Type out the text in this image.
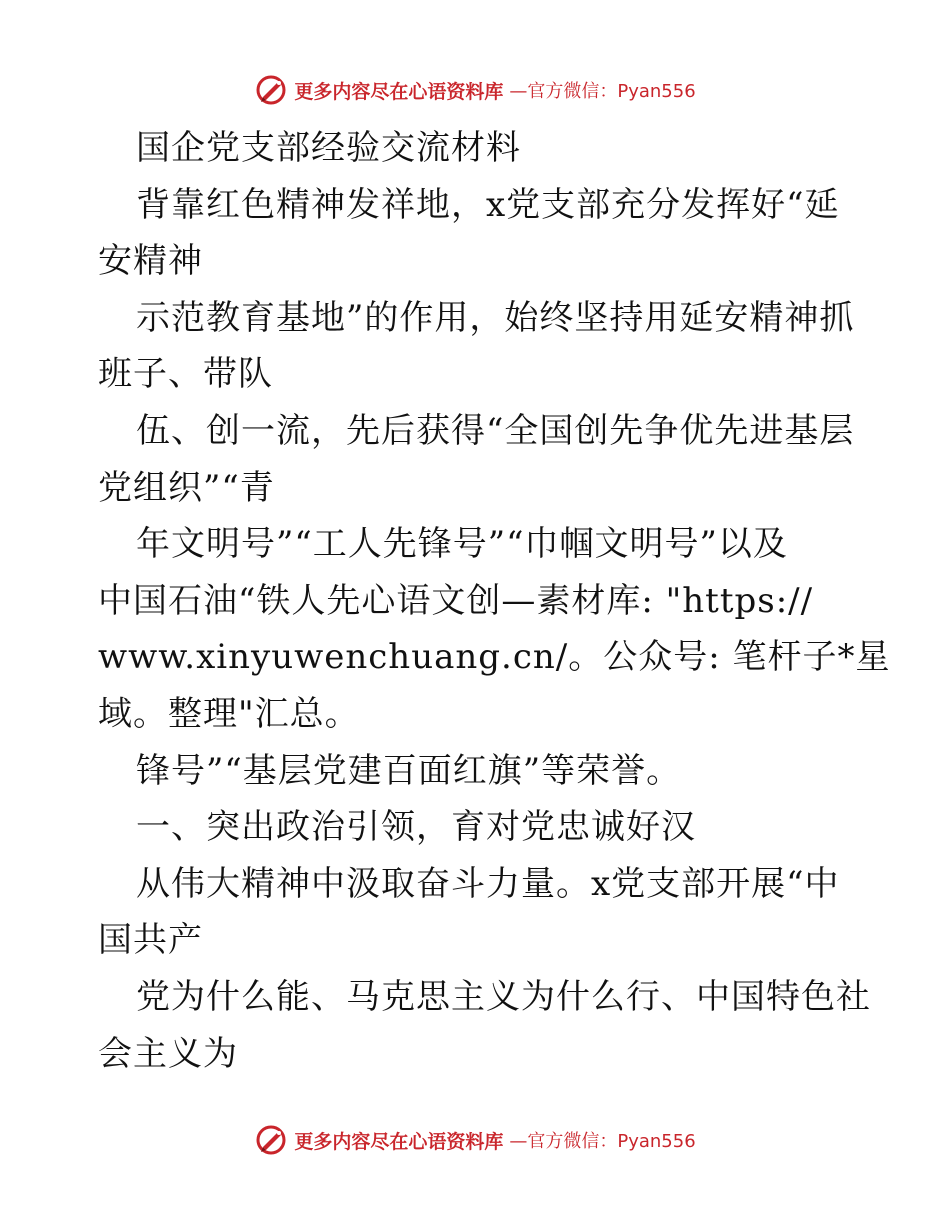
更多内容尽在心语资料库 —官方微信：Pyan556
国企党支部经验交流材料
背靠红色精神发祥地，x党支部充分发挥好“延
安精神
示范教育基地”的作用，始终坚持用延安精神抓
班子、带队
伍、创一流，先后获得“全国创先争优先进基层
党组织”“青
年文明号”“工人先锋号”“巾帼文明号”以及
中国石油“铁人先心语文创—素材库: "https://
www.xinyuwenchuang.cn/。公众号: 笔杆子*星
域。整理"汇总。
锋号”“基层党建百面红旗”等荣誉。
一、突出政治引领，育对党忠诚好汉
从伟大精神中汲取奋斗力量。x党支部开展“中
国共产
党为什么能、马克思主义为什么行、中国特色社
会主义为
更多内容尽在心语资料库 —官方微信：Pyan556
